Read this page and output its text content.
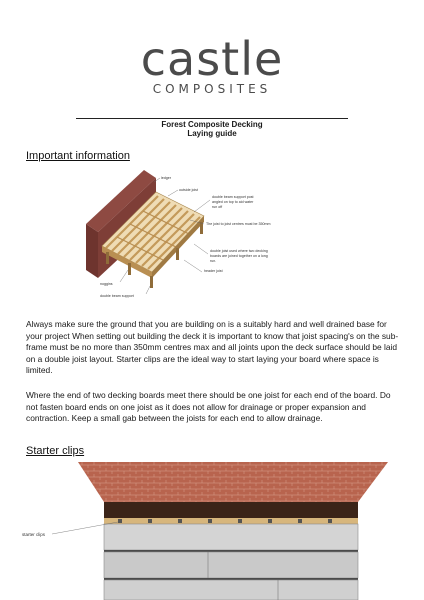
castle
COMPOSITES
Forest Composite Decking
Laying guide
Important information
ledger
outside joist
double beam support post
angled on top to aid water
run off
The joist to joist centres must be 350mm
double joist used where two decking
boards are joined together on a long
run.
header joist
noggins
double beam support
Always make sure the ground that you are building on is a suitably hard and well drained base for your project When setting out building the deck it is important to know that joist spacing's on the sub-frame must be no more than 350mm centres max and all joints upon the deck surface should be laid on a double joist layout. Starter clips are the ideal way to start laying your board where space is limited.
Where the end of two decking boards meet there should be one joist for each end of the board. Do not fasten board ends on one joist as it does not allow for drainage or proper expansion and contraction. Keep a small gab between the joists for each end to allow drainage.
Starter clips
starter clips
